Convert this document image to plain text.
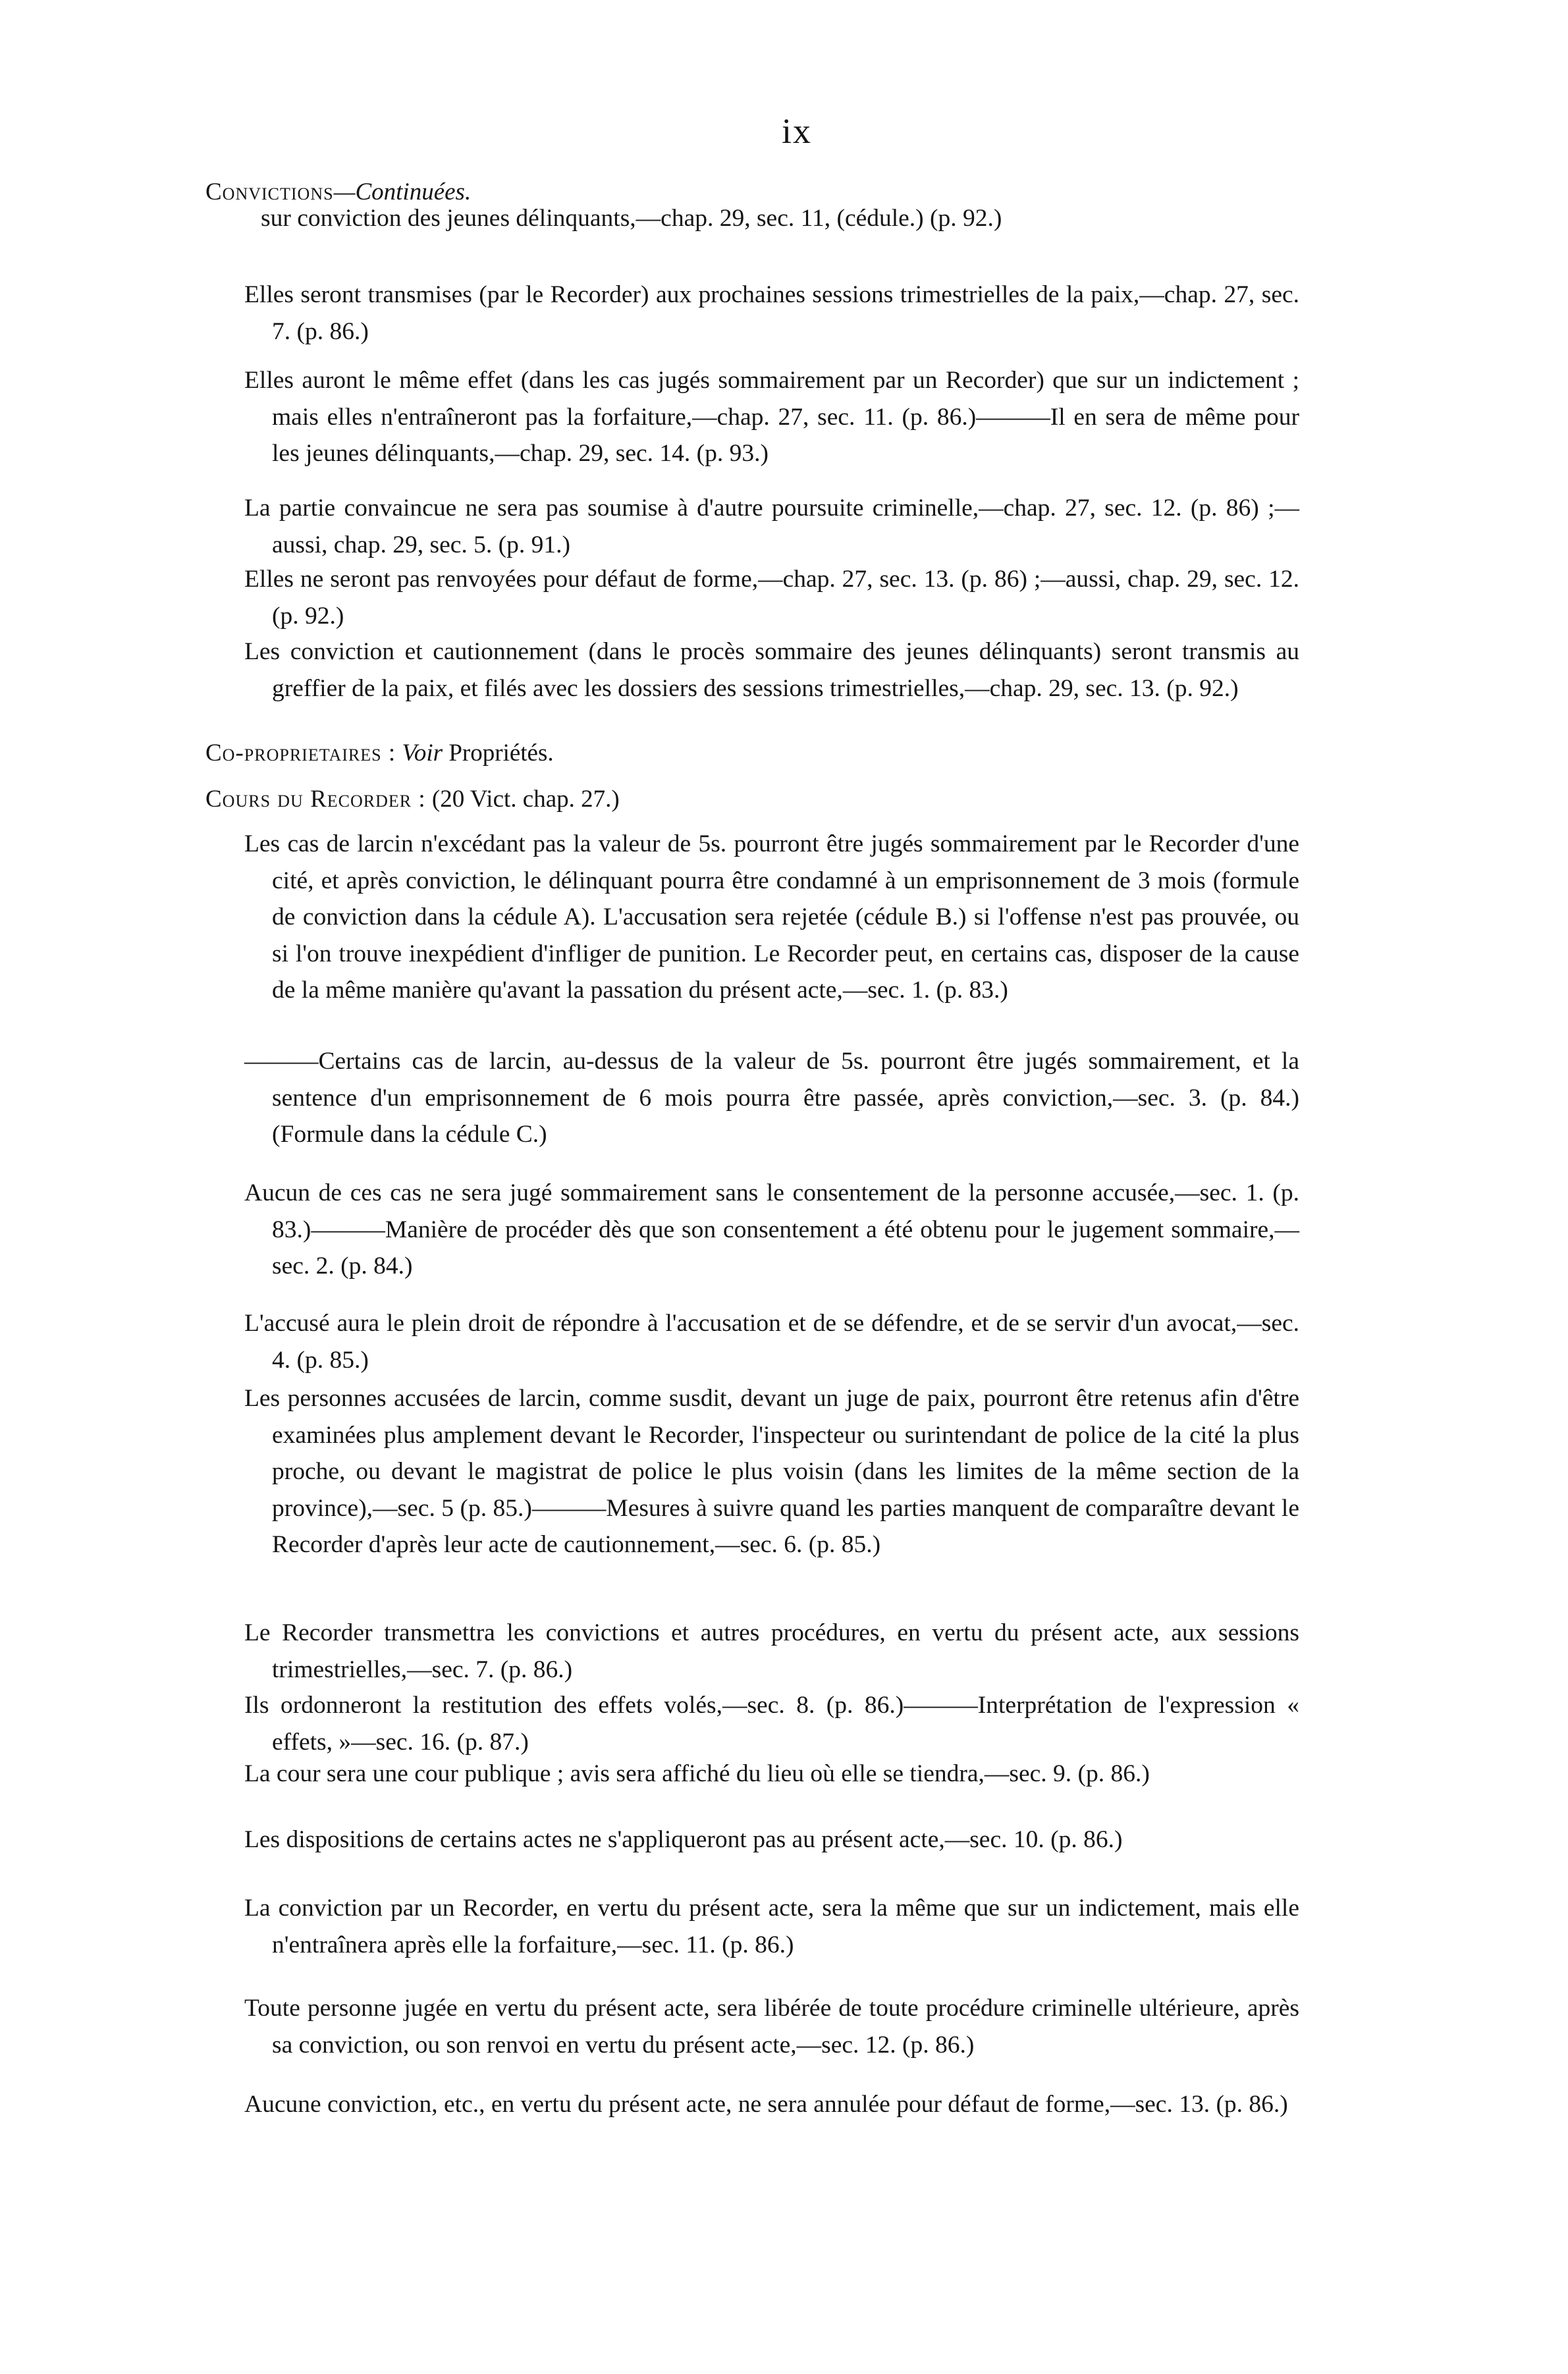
ix
Convictions—Continuées.
sur conviction des jeunes délinquants,—chap. 29, sec. 11, (cédule.) (p. 92.)
Elles seront transmises (par le Recorder) aux prochaines sessions trimestrielles de la paix,—chap. 27, sec. 7. (p. 86.)
Elles auront le même effet (dans les cas jugés sommairement par un Recorder) que sur un indictement ; mais elles n'entraîneront pas la forfaiture,—chap. 27, sec. 11. (p. 86.)———Il en sera de même pour les jeunes délinquants,—chap. 29, sec. 14. (p. 93.)
La partie convaincue ne sera pas soumise à d'autre poursuite criminelle,—chap. 27, sec. 12. (p. 86) ;—aussi, chap. 29, sec. 5. (p. 91.)
Elles ne seront pas renvoyées pour défaut de forme,—chap. 27, sec. 13. (p. 86) ;—aussi, chap. 29, sec. 12. (p. 92.)
Les conviction et cautionnement (dans le procès sommaire des jeunes délinquants) seront transmis au greffier de la paix, et filés avec les dossiers des sessions trimestrielles,—chap. 29, sec. 13. (p. 92.)
Co-proprietaires : Voir Propriétés.
Cours du Recorder : (20 Vict. chap. 27.)
Les cas de larcin n'excédant pas la valeur de 5s. pourront être jugés sommairement par le Recorder d'une cité, et après conviction, le délinquant pourra être condamné à un emprisonnement de 3 mois (formule de conviction dans la cédule A). L'accusation sera rejetée (cédule B.) si l'offense n'est pas prouvée, ou si l'on trouve inexpédient d'infliger de punition. Le Recorder peut, en certains cas, disposer de la cause de la même manière qu'avant la passation du présent acte,—sec. 1. (p. 83.)
———Certains cas de larcin, au-dessus de la valeur de 5s. pourront être jugés sommairement, et la sentence d'un emprisonnement de 6 mois pourra être passée, après conviction,—sec. 3. (p. 84.) (Formule dans la cédule C.)
Aucun de ces cas ne sera jugé sommairement sans le consentement de la personne accusée,—sec. 1. (p. 83.)———Manière de procéder dès que son consentement a été obtenu pour le jugement sommaire,—sec. 2. (p. 84.)
L'accusé aura le plein droit de répondre à l'accusation et de se défendre, et de se servir d'un avocat,—sec. 4. (p. 85.)
Les personnes accusées de larcin, comme susdit, devant un juge de paix, pourront être retenus afin d'être examinées plus amplement devant le Recorder, l'inspecteur ou surintendant de police de la cité la plus proche, ou devant le magistrat de police le plus voisin (dans les limites de la même section de la province),—sec. 5 (p. 85.)———Mesures à suivre quand les parties manquent de comparaître devant le Recorder d'après leur acte de cautionnement,—sec. 6. (p. 85.)
Le Recorder transmettra les convictions et autres procédures, en vertu du présent acte, aux sessions trimestrielles,—sec. 7. (p. 86.)
Ils ordonneront la restitution des effets volés,—sec. 8. (p. 86.)———Interprétation de l'expression « effets, »—sec. 16. (p. 87.)
La cour sera une cour publique ; avis sera affiché du lieu où elle se tiendra,—sec. 9. (p. 86.)
Les dispositions de certains actes ne s'appliqueront pas au présent acte,—sec. 10. (p. 86.)
La conviction par un Recorder, en vertu du présent acte, sera la même que sur un indictement, mais elle n'entraînera après elle la forfaiture,—sec. 11. (p. 86.)
Toute personne jugée en vertu du présent acte, sera libérée de toute procédure criminelle ultérieure, après sa conviction, ou son renvoi en vertu du présent acte,—sec. 12. (p. 86.)
Aucune conviction, etc., en vertu du présent acte, ne sera annulée pour défaut de forme,—sec. 13. (p. 86.)
